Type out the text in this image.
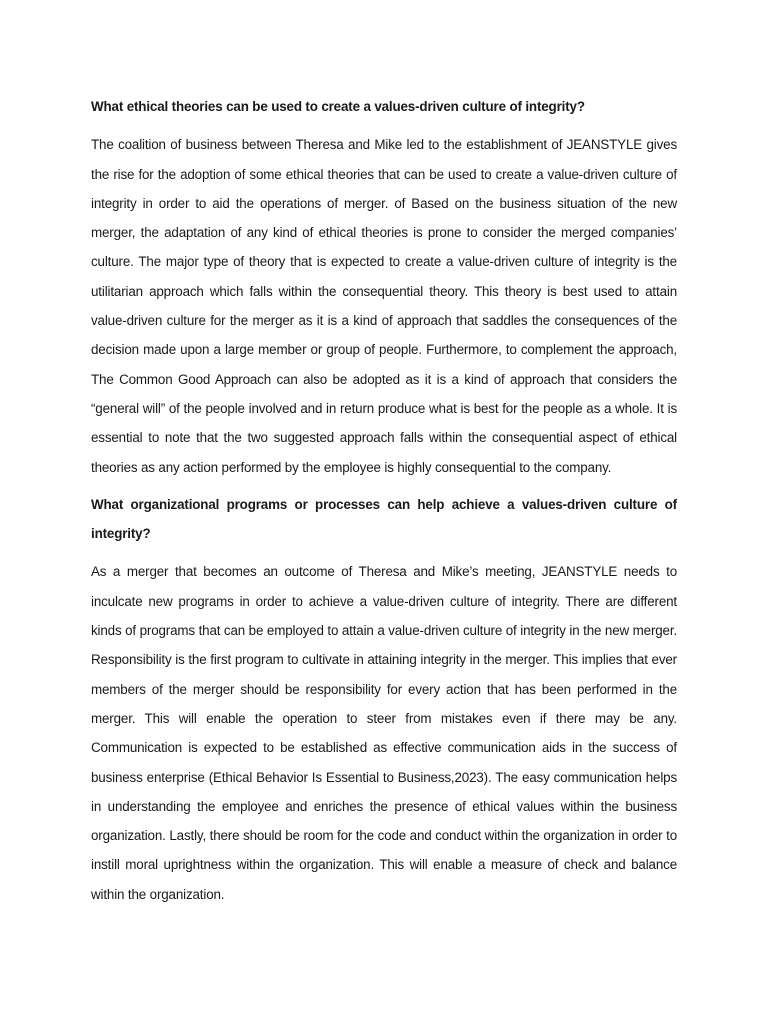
What ethical theories can be used to create a values-driven culture of integrity?

The coalition of business between Theresa and Mike led to the establishment of JEANSTYLE gives the rise for the adoption of some ethical theories that can be used to create a value-driven culture of integrity in order to aid the operations of merger. of Based on the business situation of the new merger, the adaptation of any kind of ethical theories is prone to consider the merged companies’ culture. The major type of theory that is expected to create a value-driven culture of integrity is the utilitarian approach which falls within the consequential theory. This theory is best used to attain value-driven culture for the merger as it is a kind of approach that saddles the consequences of the decision made upon a large member or group of people. Furthermore, to complement the approach, The Common Good Approach can also be adopted as it is a kind of approach that considers the “general will” of the people involved and in return produce what is best for the people as a whole. It is essential to note that the two suggested approach falls within the consequential aspect of ethical theories as any action performed by the employee is highly consequential to the company.

What organizational programs or processes can help achieve a values-driven culture of integrity?

As a merger that becomes an outcome of Theresa and Mike’s meeting, JEANSTYLE needs to inculcate new programs in order to achieve a value-driven culture of integrity. There are different kinds of programs that can be employed to attain a value-driven culture of integrity in the new merger. Responsibility is the first program to cultivate in attaining integrity in the merger. This implies that ever members of the merger should be responsibility for every action that has been performed in the merger. This will enable the operation to steer from mistakes even if there may be any. Communication is expected to be established as effective communication aids in the success of business enterprise (Ethical Behavior Is Essential to Business,2023). The easy communication helps in understanding the employee and enriches the presence of ethical values within the business organization. Lastly, there should be room for the code and conduct within the organization in order to instill moral uprightness within the organization. This will enable a measure of check and balance within the organization.
